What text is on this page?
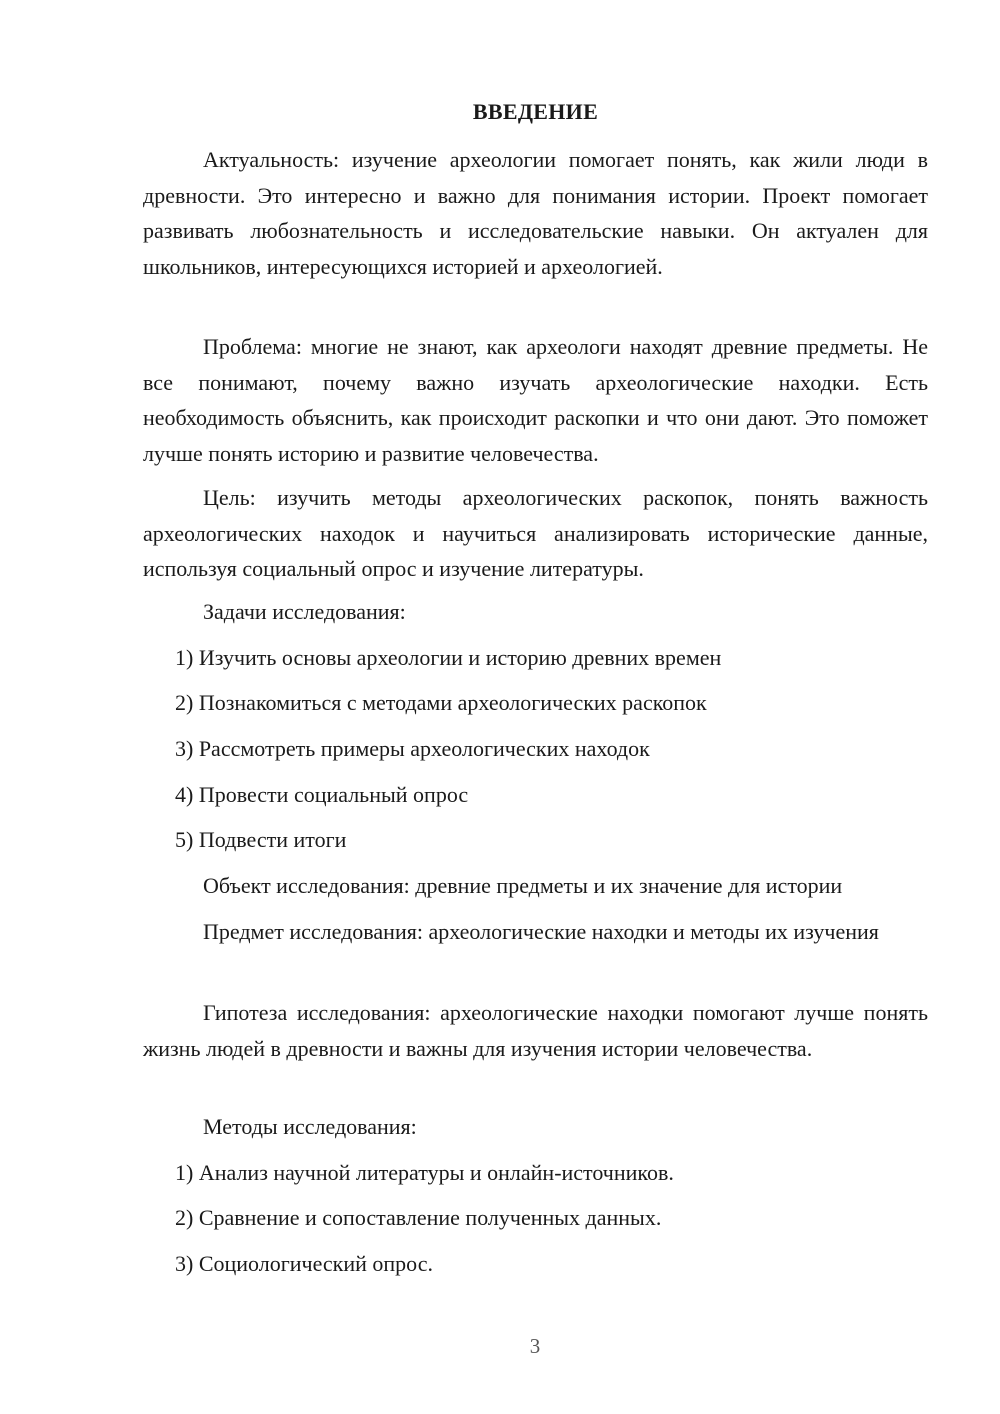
ВВЕДЕНИЕ

Актуальность: изучение археологии помогает понять, как жили люди в древности. Это интересно и важно для понимания истории. Проект помогает развивать любознательность и исследовательские навыки. Он актуален для школьников, интересующихся историей и археологией.

Проблема: многие не знают, как археологи находят древние предметы. Не все понимают, почему важно изучать археологические находки. Есть необходимость объяснить, как происходит раскопки и что они дают. Это поможет лучше понять историю и развитие человечества.

Цель: изучить методы археологических раскопок, понять важность археологических находок и научиться анализировать исторические данные, используя социальный опрос и изучение литературы.

Задачи исследования:

1) Изучить основы археологии и историю древних времен

2) Познакомиться с методами археологических раскопок

3) Рассмотреть примеры археологических находок

4) Провести социальный опрос

5) Подвести итоги

Объект исследования: древние предметы и их значение для истории

Предмет исследования: археологические находки и методы их изучения

Гипотеза исследования: археологические находки помогают лучше понять жизнь людей в древности и важны для изучения истории человечества.

Методы исследования:

1) Анализ научной литературы и онлайн-источников.

2) Сравнение и сопоставление полученных данных.

3) Социологический опрос.

3
